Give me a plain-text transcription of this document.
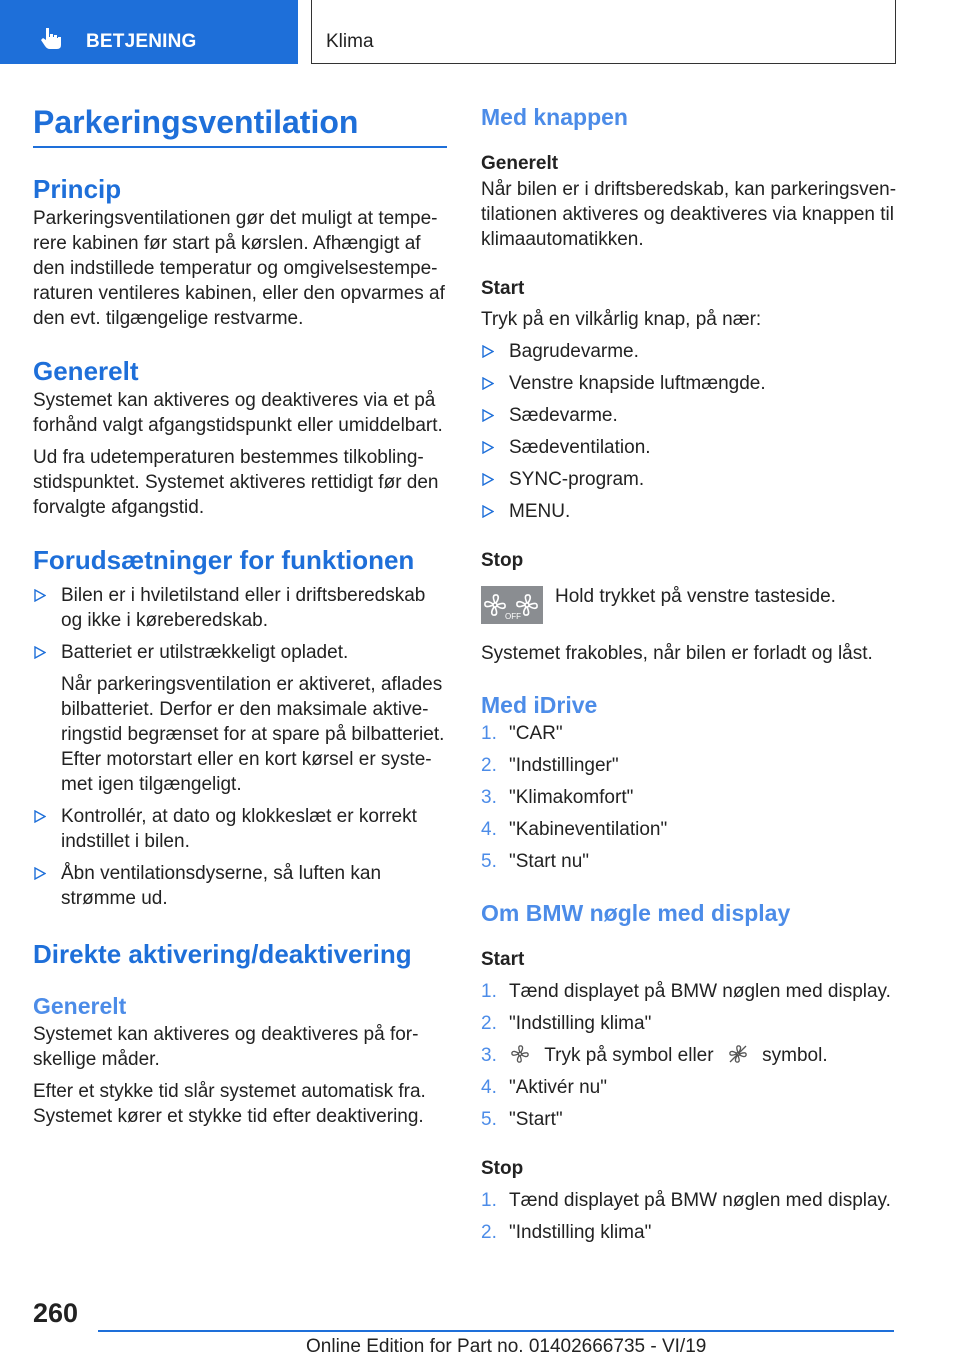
BETJENING	Klima
Parkeringsventilation
Princip
Parkeringsventilationen gør det muligt at tempe-
rere kabinen før start på kørslen. Afhængigt af
den indstillede temperatur og omgivelsestempe-
raturen ventileres kabinen, eller den opvarmes af
den evt. tilgængelige restvarme.
Generelt
Systemet kan aktiveres og deaktiveres via et på
forhånd valgt afgangstidspunkt eller umiddelbart.
Ud fra udetemperaturen bestemmes tilkobling-
stidspunktet. Systemet aktiveres rettidigt før den
forvalgte afgangstid.
Forudsætninger for funktionen
Bilen er i hviletilstand eller i driftsberedskab
og ikke i køreberedskab.
Batteriet er utilstrækkeligt opladet.
Når parkeringsventilation er aktiveret, aflades
bilbatteriet. Derfor er den maksimale aktive-
ringstid begrænset for at spare på bilbatteriet.
Efter motorstart eller en kort kørsel er syste-
met igen tilgængeligt.
Kontrollér, at dato og klokkeslæt er korrekt
indstillet i bilen.
Åbn ventilationsdyserne, så luften kan
strømme ud.
Direkte aktivering/deaktivering
Generelt
Systemet kan aktiveres og deaktiveres på for-
skellige måder.
Efter et stykke tid slår systemet automatisk fra.
Systemet kører et stykke tid efter deaktivering.
Med knappen
Generelt
Når bilen er i driftsberedskab, kan parkeringsven-
tilationen aktiveres og deaktiveres via knappen til
klimaautomatikken.
Start
Tryk på en vilkårlig knap, på nær:
Bagrudevarme.
Venstre knapside luftmængde.
Sædevarme.
Sædeventilation.
SYNC-program.
MENU.
Stop
OFF
Hold trykket på venstre tasteside.
Systemet frakobles, når bilen er forladt og låst.
Med iDrive
1. "CAR"
2. "Indstillinger"
3. "Klimakomfort"
4. "Kabineventilation"
5. "Start nu"
Om BMW nøgle med display
Start
1. Tænd displayet på BMW nøglen med display.
2. "Indstilling klima"
3. Tryk på symbol eller	symbol.
4. "Aktivér nu"
5. "Start"
Stop
1. Tænd displayet på BMW nøglen med display.
2. "Indstilling klima"
260
Online Edition for Part no. 01402666735 - VI/19
